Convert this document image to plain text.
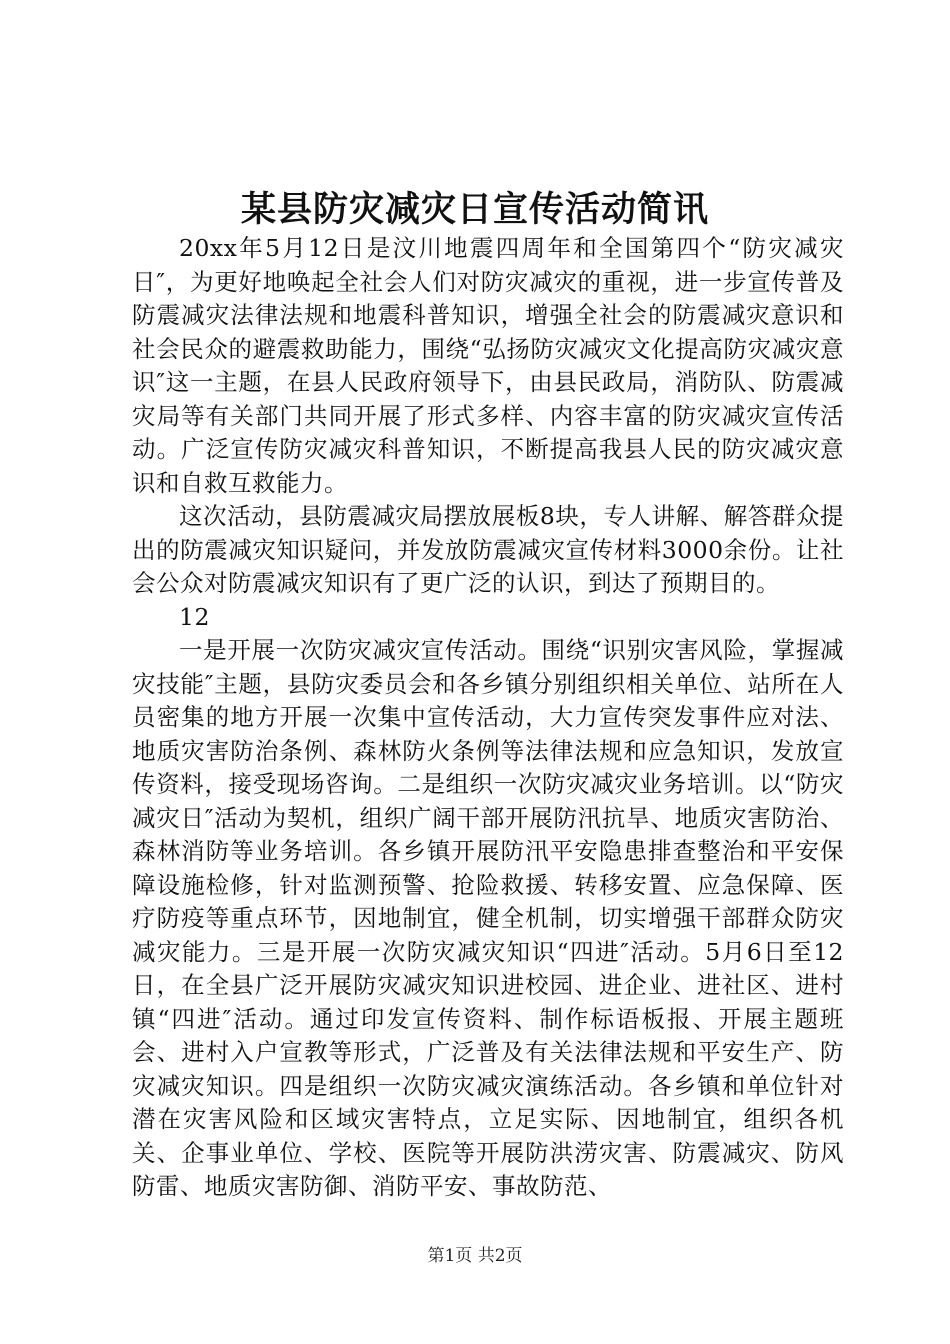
某县防灾减灾日宣传活动简讯

20xx年5月12日是汶川地震四周年和全国第四个“防灾减灾日″，为更好地唤起全社会人们对防灾减灾的重视，进一步宣传普及防震减灾法律法规和地震科普知识，增强全社会的防震减灾意识和社会民众的避震救助能力，围绕“弘扬防灾减灾文化提高防灾减灾意识″这一主题，在县人民政府领导下，由县民政局，消防队、防震减灾局等有关部门共同开展了形式多样、内容丰富的防灾减灾宣传活动。广泛宣传防灾减灾科普知识，不断提高我县人民的防灾减灾意识和自救互救能力。

这次活动，县防震减灾局摆放展板8块，专人讲解、解答群众提出的防震减灾知识疑问，并发放防震减灾宣传材料3000余份。让社会公众对防震减灾知识有了更广泛的认识，到达了预期目的。

12

一是开展一次防灾减灾宣传活动。围绕“识别灾害风险，掌握减灾技能″主题，县防灾委员会和各乡镇分别组织相关单位、站所在人员密集的地方开展一次集中宣传活动，大力宣传突发事件应对法、地质灾害防治条例、森林防火条例等法律法规和应急知识，发放宣传资料，接受现场咨询。二是组织一次防灾减灾业务培训。以“防灾减灾日″活动为契机，组织广阔干部开展防汛抗旱、地质灾害防治、森林消防等业务培训。各乡镇开展防汛平安隐患排查整治和平安保障设施检修，针对监测预警、抢险救援、转移安置、应急保障、医疗防疫等重点环节，因地制宜，健全机制，切实增强干部群众防灾减灾能力。三是开展一次防灾减灾知识“四进″活动。5月6日至12日，在全县广泛开展防灾减灾知识进校园、进企业、进社区、进村镇“四进″活动。通过印发宣传资料、制作标语板报、开展主题班会、进村入户宣教等形式，广泛普及有关法律法规和平安生产、防灾减灾知识。四是组织一次防灾减灾演练活动。各乡镇和单位针对潜在灾害风险和区域灾害特点，立足实际、因地制宜，组织各机关、企事业单位、学校、医院等开展防洪涝灾害、防震减灾、防风防雷、地质灾害防御、消防平安、事故防范、

第1页 共2页
